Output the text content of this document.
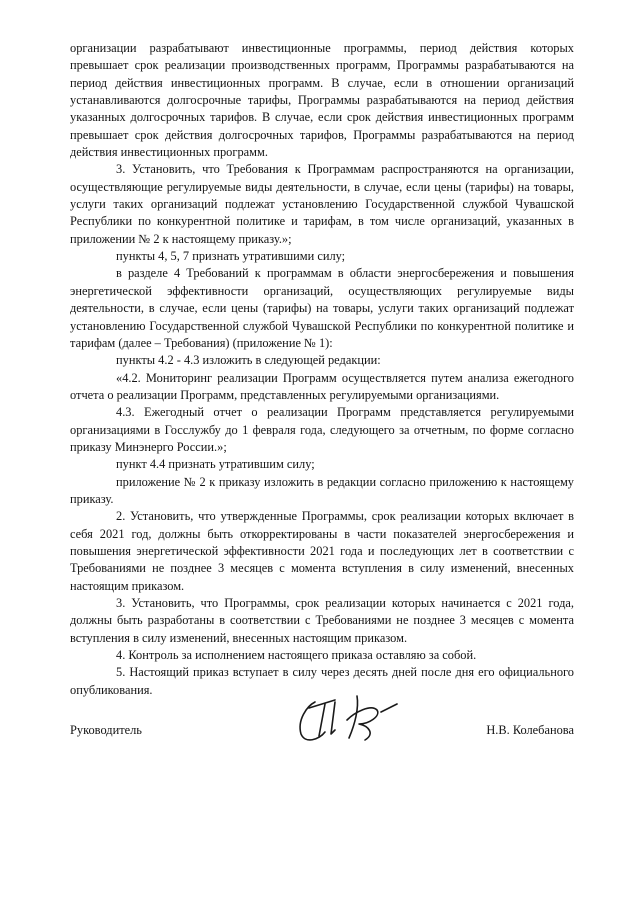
организации разрабатывают инвестиционные программы, период действия которых превышает срок реализации производственных программ, Программы разрабатываются на период действия инвестиционных программ. В случае, если в отношении организаций устанавливаются долгосрочные тарифы, Программы разрабатываются на период действия указанных долгосрочных тарифов. В случае, если срок действия инвестиционных программ превышает срок действия долгосрочных тарифов, Программы разрабатываются на период действия инвестиционных программ.

3. Установить, что Требования к Программам распространяются на организации, осуществляющие регулируемые виды деятельности, в случае, если цены (тарифы) на товары, услуги таких организаций подлежат установлению Государственной службой Чувашской Республики по конкурентной политике и тарифам, в том числе организаций, указанных в приложении № 2 к настоящему приказу.»;

пункты 4, 5, 7 признать утратившими силу;

в разделе 4 Требований к программам в области энергосбережения и повышения энергетической эффективности организаций, осуществляющих регулируемые виды деятельности, в случае, если цены (тарифы) на товары, услуги таких организаций подлежат установлению Государственной службой Чувашской Республики по конкурентной политике и тарифам (далее – Требования) (приложение № 1):

пункты 4.2 - 4.3 изложить в следующей редакции:

«4.2. Мониторинг реализации Программ осуществляется путем анализа ежегодного отчета о реализации Программ, представленных регулируемыми организациями.

4.3. Ежегодный отчет о реализации Программ представляется регулируемыми организациями в Госслужбу до 1 февраля года, следующего за отчетным, по форме согласно приказу Минэнерго России.»;

пункт 4.4 признать утратившим силу;

приложение № 2 к приказу изложить в редакции согласно приложению к настоящему приказу.

2. Установить, что утвержденные Программы, срок реализации которых включает в себя 2021 год, должны быть откорректированы в части показателей энергосбережения и повышения энергетической эффективности 2021 года и последующих лет в соответствии с Требованиями не позднее 3 месяцев с момента вступления в силу изменений, внесенных настоящим приказом.

3. Установить, что Программы, срок реализации которых начинается с 2021 года, должны быть разработаны в соответствии с Требованиями не позднее 3 месяцев с момента вступления в силу изменений, внесенных настоящим приказом.

4. Контроль за исполнением настоящего приказа оставляю за собой.

5. Настоящий приказ вступает в силу через десять дней после дня его официального опубликования.

Руководитель	Н.В. Колебанова
